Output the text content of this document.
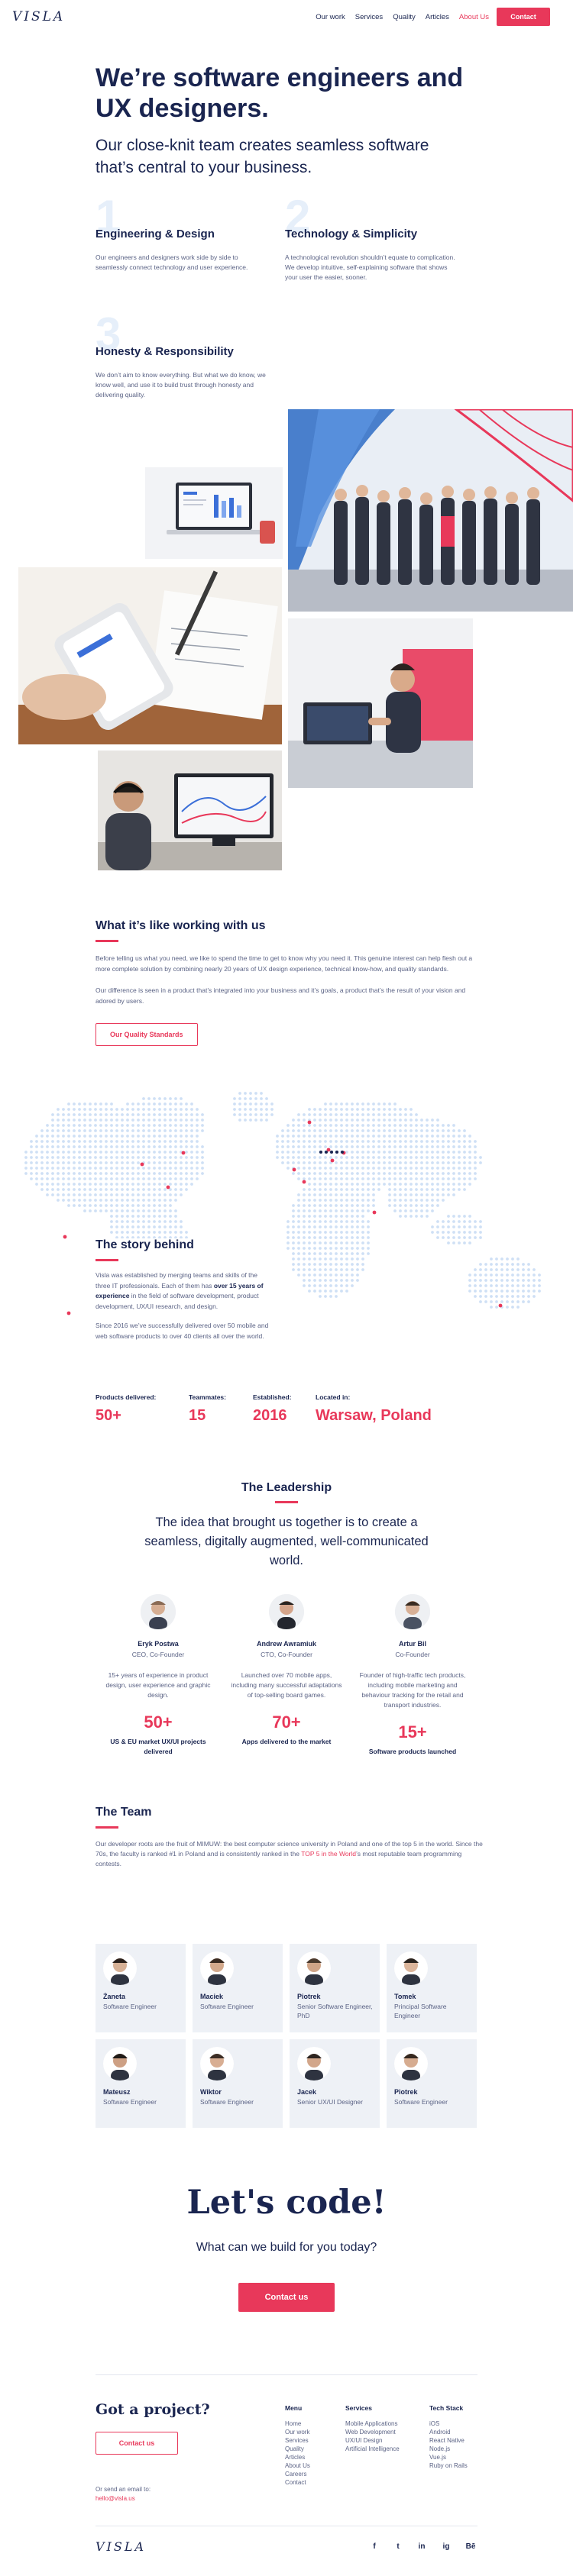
VISLA	Our work Services Quality Articles About Us	Contact
We’re software engineers and UX designers.

Our close-knit team creates seamless software that’s central to your business.

1
Engineering & Design

Our engineers and designers work side by side to seamlessly connect technology and user experience.

2
Technology & Simplicity

A technological revolution shouldn’t equate to complication. We develop intuitive, self-explaining software that shows your user the easier, sooner.

3
Honesty & Responsibility

We don’t aim to know everything. But what we do know, we know well, and use it to build trust through honesty and delivering quality.

What it’s like working with us

Before telling us what you need, we like to spend the time to get to know why you need it. This genuine interest can help flesh out a more complete solution by combining nearly 20 years of UX design experience, technical know-how, and quality standards.

Our difference is seen in a product that’s integrated into your business and it’s goals, a product that’s the result of your vision and adored by users.

Our Quality Standards
The story behind

Visla was established by merging teams and skills of the three IT professionals. Each of them has over 15 years of experience in the field of software development, product development, UX/UI research, and design.

Since 2016 we’ve successfully delivered over 50 mobile and web software products to over 40 clients all over the world.

Products delivered:
50+
Teammates:
15
Established:
2016
Located in:
Warsaw, Poland
The Leadership

The idea that brought us together is to create a seamless, digitally augmented, well-communicated world.

Eryk Postwa
CEO, Co-Founder
15+ years of experience in product design, user experience and graphic design.
50+
US & EU market UX/UI projects delivered
Andrew Awramiuk
CTO, Co-Founder
Launched over 70 mobile apps, including many successful adaptations of top-selling board games.
70+
Apps delivered to the market
Artur Bil
Co-Founder
Founder of high-traffic tech products, including mobile marketing and behaviour tracking for the retail and transport industries.
15+
Software products launched
The Team

Our developer roots are the fruit of MIMUW: the best computer science university in Poland and one of the top 5 in the world. Since the 70s, the faculty is ranked #1 in Poland and is consistently ranked in the TOP 5 in the World’s most reputable team programming contests.

Żaneta
Software Engineer
Maciek
Software Engineer
Piotrek
Senior Software Engineer, PhD
Tomek
Principal Software Engineer
Mateusz
Software Engineer
Wiktor
Software Engineer
Jacek
Senior UX/UI Designer
Piotrek
Software Engineer
Let's code!

What can we build for you today?

Contact us
Got a project?
Contact us
Or send an email to:
hello@visla.us
Menu
Home
Our work
Services
Quality
Articles
About Us
Careers
Contact
Services
Mobile Applications
Web Development
UX/UI Design
Artificial Intelligence
Tech Stack
iOS
Android
React Native
Node.js
Vue.js
Ruby on Rails
VISLA	f	t	in	ig	Bē
